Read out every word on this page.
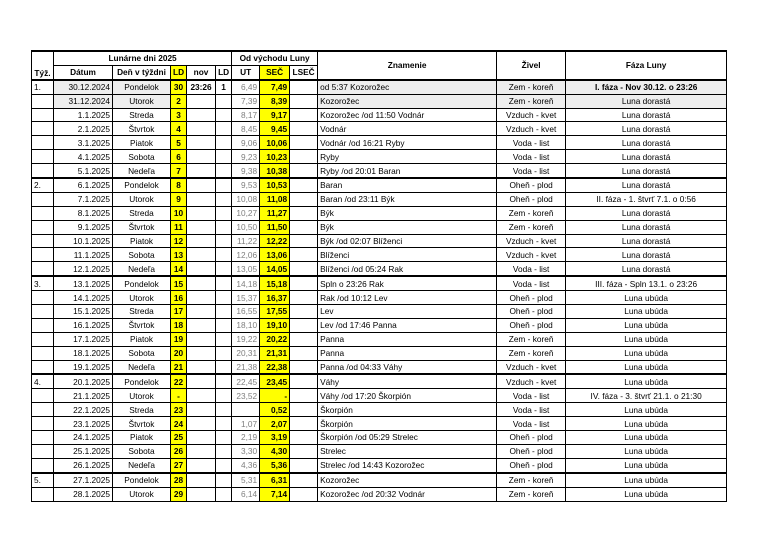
Týž.	Lunárne dni 2025					Od východu Luny			Znamenie	Živel	Fáza Luny
	Dátum	Deň v týždni	LD	nov	LD	UT	SEČ	LSEČ			
1.	30.12.2024	Pondelok	30	23:26	1	6,49	7,49		od 5:37 Kozorožec	Zem - koreň	I. fáza - Nov 30.12. o 23:26
	31.12.2024	Utorok	2			7,39	8,39		Kozorožec	Zem - koreň	Luna dorastá
	1.1.2025	Streda	3			8,17	9,17		Kozorožec /od 11:50 Vodnár	Vzduch - kvet	Luna dorastá
	2.1.2025	Štvrtok	4			8,45	9,45		Vodnár	Vzduch - kvet	Luna dorastá
	3.1.2025	Piatok	5			9,06	10,06		Vodnár /od 16:21 Ryby	Voda - list	Luna dorastá
	4.1.2025	Sobota	6			9,23	10,23		Ryby	Voda - list	Luna dorastá
	5.1.2025	Nedeľa	7			9,38	10,38		Ryby /od 20:01 Baran	Voda - list	Luna dorastá
2.	6.1.2025	Pondelok	8			9,53	10,53		Baran	Oheň - plod	Luna dorastá
	7.1.2025	Utorok	9			10,08	11,08		Baran /od 23:11 Býk	Oheň - plod	II. fáza - 1. štvrť 7.1. o 0:56
	8.1.2025	Streda	10			10,27	11,27		Býk	Zem - koreň	Luna dorastá
	9.1.2025	Štvrtok	11			10,50	11,50		Býk	Zem - koreň	Luna dorastá
	10.1.2025	Piatok	12			11,22	12,22		Býk /od 02:07 Blíženci	Vzduch - kvet	Luna dorastá
	11.1.2025	Sobota	13			12,06	13,06		Blíženci	Vzduch - kvet	Luna dorastá
	12.1.2025	Nedeľa	14			13,05	14,05		Blíženci /od 05:24 Rak	Voda - list	Luna dorastá
3.	13.1.2025	Pondelok	15			14,18	15,18		Spln o 23:26 Rak	Voda - list	III. fáza - Spln 13.1. o 23:26
	14.1.2025	Utorok	16			15,37	16,37		Rak /od 10:12 Lev	Oheň - plod	Luna ubúda
	15.1.2025	Streda	17			16,55	17,55		Lev	Oheň - plod	Luna ubúda
	16.1.2025	Štvrtok	18			18,10	19,10		Lev /od 17:46 Panna	Oheň - plod	Luna ubúda
	17.1.2025	Piatok	19			19,22	20,22		Panna	Zem - koreň	Luna ubúda
	18.1.2025	Sobota	20			20,31	21,31		Panna	Zem - koreň	Luna ubúda
	19.1.2025	Nedeľa	21			21,38	22,38		Panna /od 04:33 Váhy	Vzduch - kvet	Luna ubúda
4.	20.1.2025	Pondelok	22			22,45	23,45		Váhy	Vzduch - kvet	Luna ubúda
	21.1.2025	Utorok	-			23,52	-		Váhy /od 17:20 Škorpión	Voda - list	IV. fáza - 3. štvrť 21.1. o 21:30
	22.1.2025	Streda	23				0,52		Škorpión	Voda - list	Luna ubúda
	23.1.2025	Štvrtok	24			1,07	2,07		Škorpión	Voda - list	Luna ubúda
	24.1.2025	Piatok	25			2,19	3,19		Škorpión /od 05:29 Strelec	Oheň - plod	Luna ubúda
	25.1.2025	Sobota	26			3,30	4,30		Strelec	Oheň - plod	Luna ubúda
	26.1.2025	Nedeľa	27			4,36	5,36		Strelec /od 14:43 Kozorožec	Oheň - plod	Luna ubúda
5.	27.1.2025	Pondelok	28			5,31	6,31		Kozorožec	Zem - koreň	Luna ubúda
	28.1.2025	Utorok	29			6,14	7,14		Kozorožec /od 20:32 Vodnár	Zem - koreň	Luna ubúda
